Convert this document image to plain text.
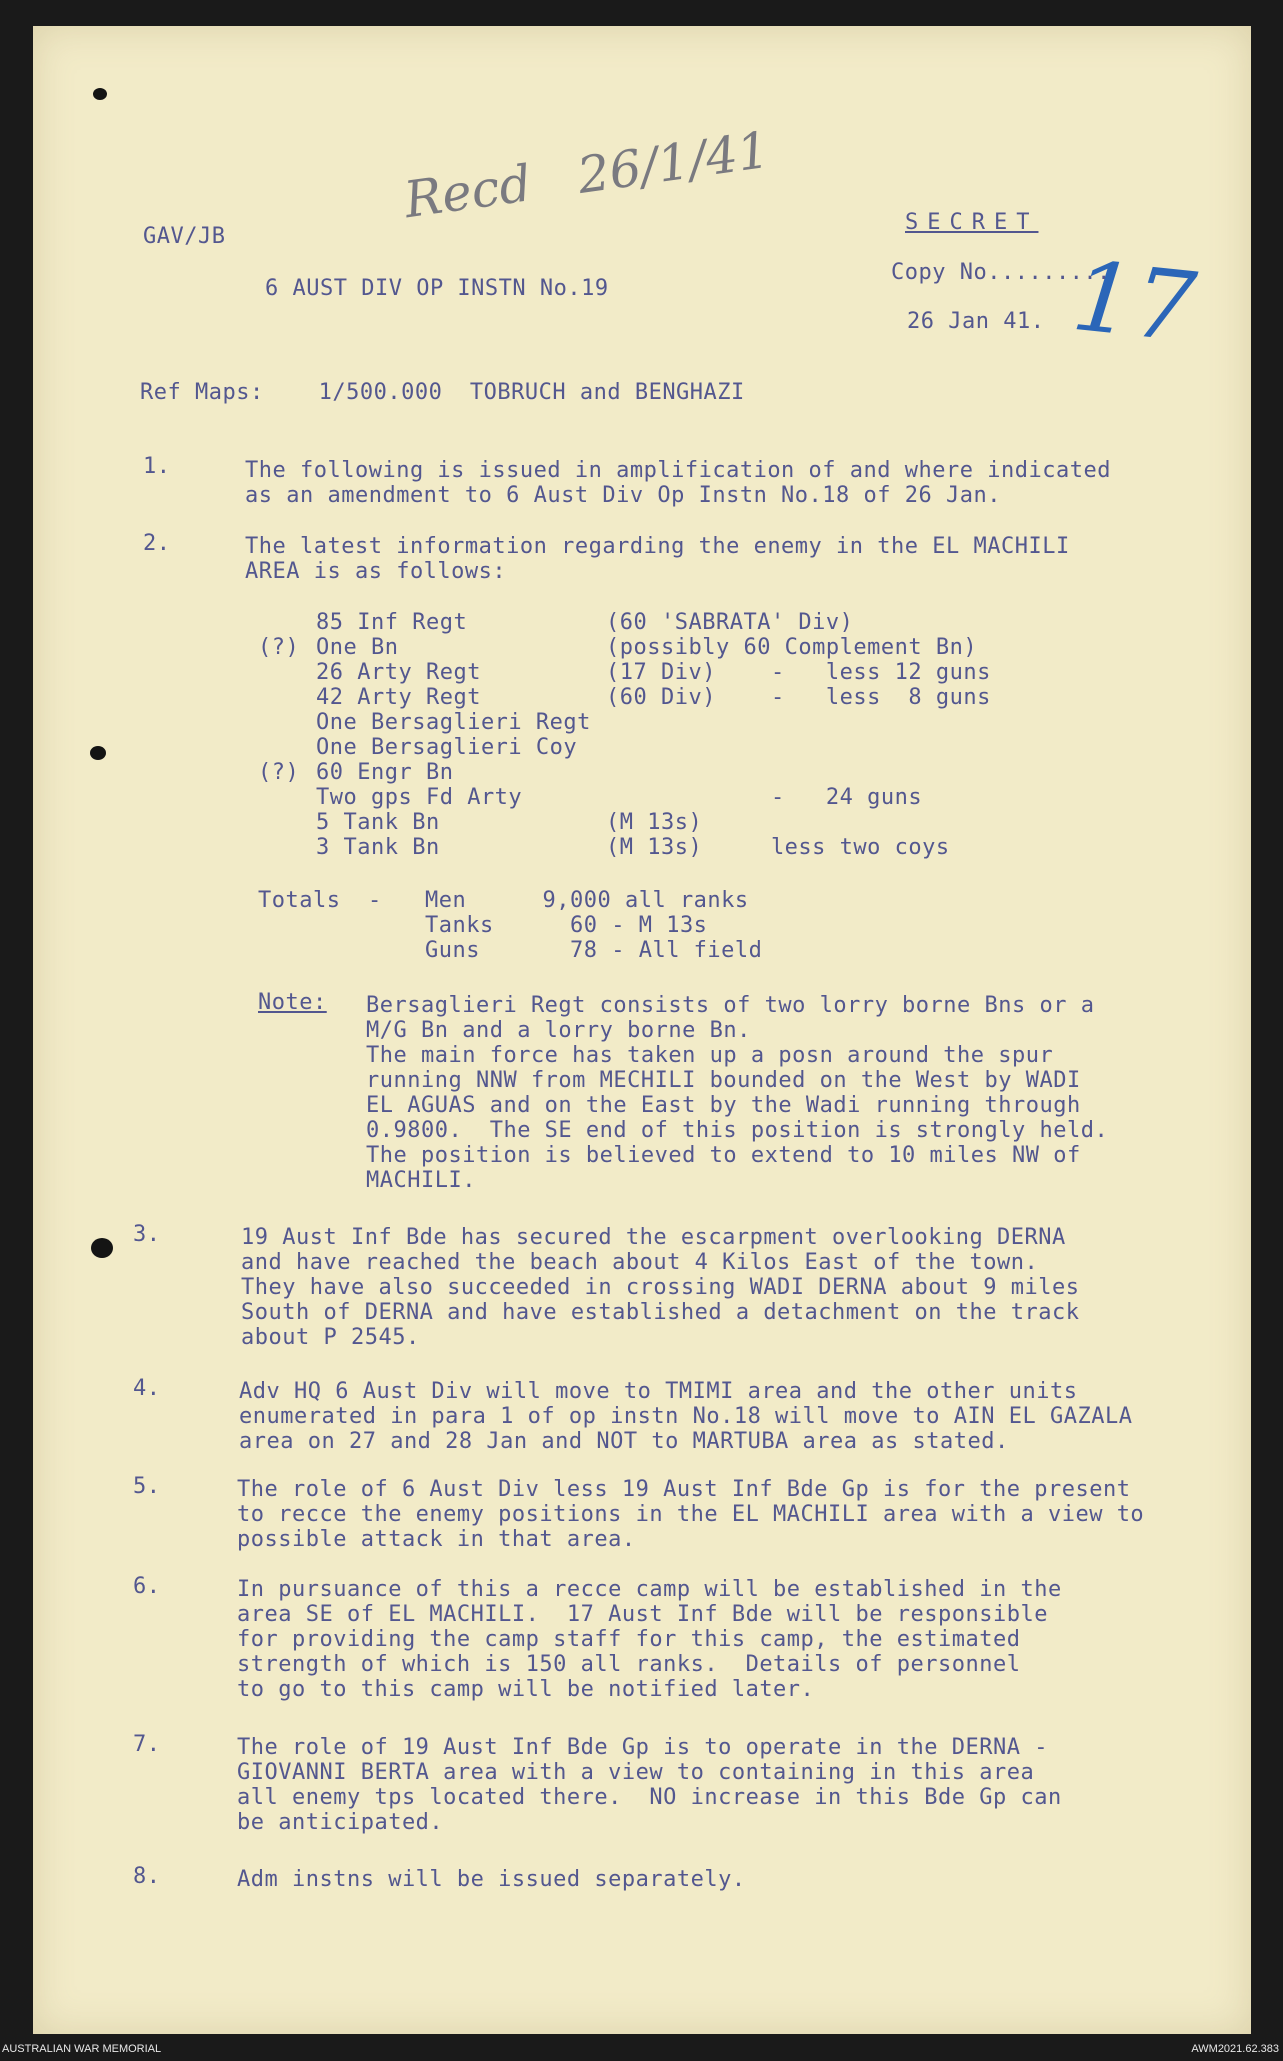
Recd ⁠ ⁠ 26/1/41
17
GAV/JB
6 AUST DIV OP INSTN No.19
SECRET
Copy No.........
26 Jan 41.
Ref Maps:    1/500.000  TOBRUCH and BENGHAZI
1.	The following is issued in amplification of and where indicated
as an amendment to 6 Aust Div Op Instn No.18 of 26 Jan.
2.	The latest information regarding the enemy in the EL MACHILI
AREA is as follows:
85 Inf Regt	(60 'SABRATA' Div)
(?) One Bn	(possibly 60 Complement Bn)
26 Arty Regt	(17 Div)    -   less 12 guns
42 Arty Regt	(60 Div)    -   less  8 guns
One Bersaglieri Regt
One Bersaglieri Coy
(?) 60 Engr Bn
Two gps Fd Arty	-   24 guns
5 Tank Bn	(M 13s)
3 Tank Bn	(M 13s)     less two coys
Totals  - Men  9,000 all ranks
Tanks    60 - M 13s
Guns    78 - All field
Note: Bersaglieri Regt consists of two lorry borne Bns or a
M/G Bn and a lorry borne Bn.
The main force has taken up a posn around the spur
running NNW from MECHILI bounded on the West by WADI
EL AGUAS and on the East by the Wadi running through
0.9800.  The SE end of this position is strongly held.
The position is believed to extend to 10 miles NW of
MACHILI.
3.	19 Aust Inf Bde has secured the escarpment overlooking DERNA
and have reached the beach about 4 Kilos East of the town.
They have also succeeded in crossing WADI DERNA about 9 miles
South of DERNA and have established a detachment on the track
about P 2545.
4.	Adv HQ 6 Aust Div will move to TMIMI area and the other units
enumerated in para 1 of op instn No.18 will move to AIN EL GAZALA
area on 27 and 28 Jan and NOT to MARTUBA area as stated.
5.	The role of 6 Aust Div less 19 Aust Inf Bde Gp is for the present
to recce the enemy positions in the EL MACHILI area with a view to
possible attack in that area.
6.	In pursuance of this a recce camp will be established in the
area SE of EL MACHILI.  17 Aust Inf Bde will be responsible
for providing the camp staff for this camp, the estimated
strength of which is 150 all ranks.  Details of personnel
to go to this camp will be notified later.
7.	The role of 19 Aust Inf Bde Gp is to operate in the DERNA -
GIOVANNI BERTA area with a view to containing in this area
all enemy tps located there.  NO increase in this Bde Gp can
be anticipated.
8.	Adm instns will be issued separately.
AUSTRALIAN WAR MEMORIAL	AWM2021.62.383
